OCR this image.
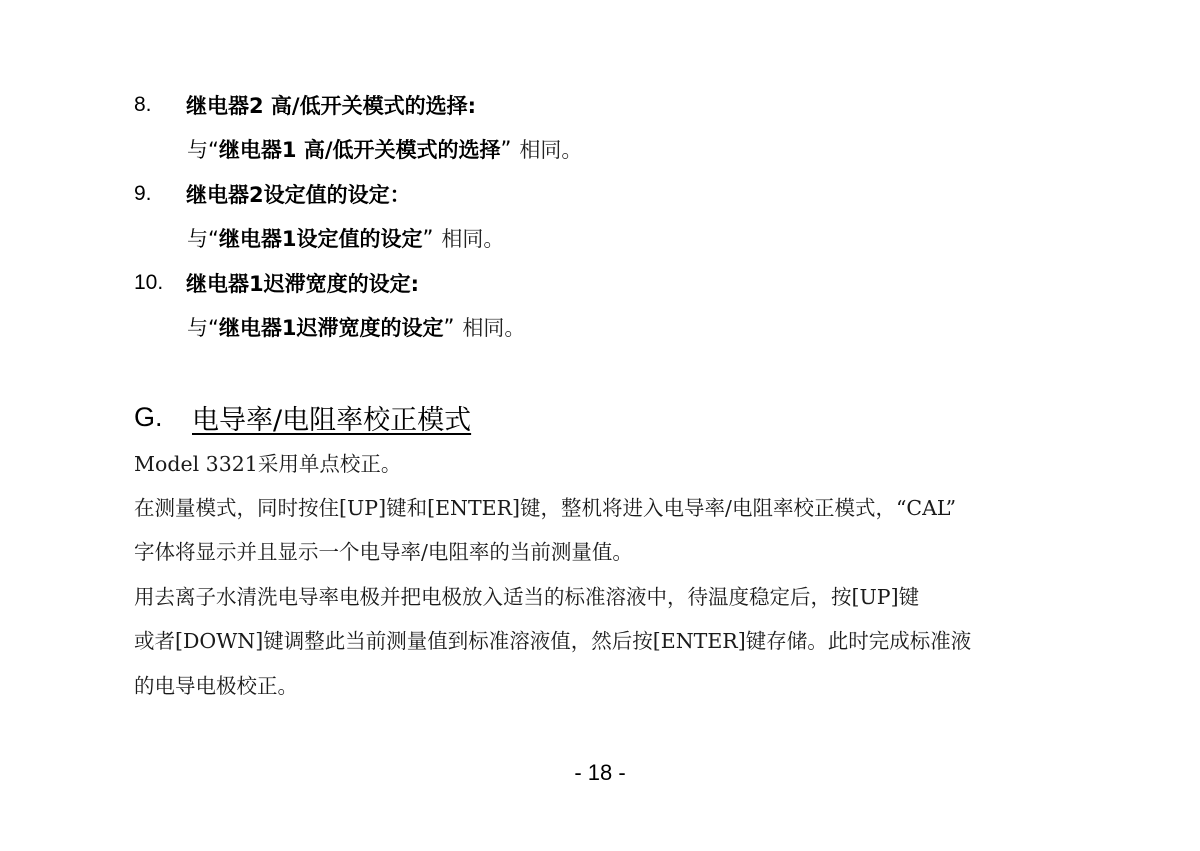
8.	继电器2 高/低开关模式的选择:
与“ 继电器1 高/低开关模式的选择 ” 相同。
9.	继电器2设定值的设定：
与“ 继电器1设定值的设定 ” 相同。
10.	继电器1迟滞宽度的设定:
与“ 继电器1迟滞宽度的设定 ” 相同。
G.	电导率/电阻率校正模式
Model 3321采用单点校正。
在测量模式，同时按住[UP]键和[ENTER]键，整机将进入电导率/电阻率校正模式，“CAL”
字体将显示并且显示一个电导率/电阻率的当前测量值。
用去离子水清洗电导率电极并把电极放入适当的标准溶液中，待温度稳定后，按[UP]键
或者[DOWN]键调整此当前测量值到标准溶液值，然后按[ENTER]键存储。此时完成标准液
的电导电极校正。
- 18 -
